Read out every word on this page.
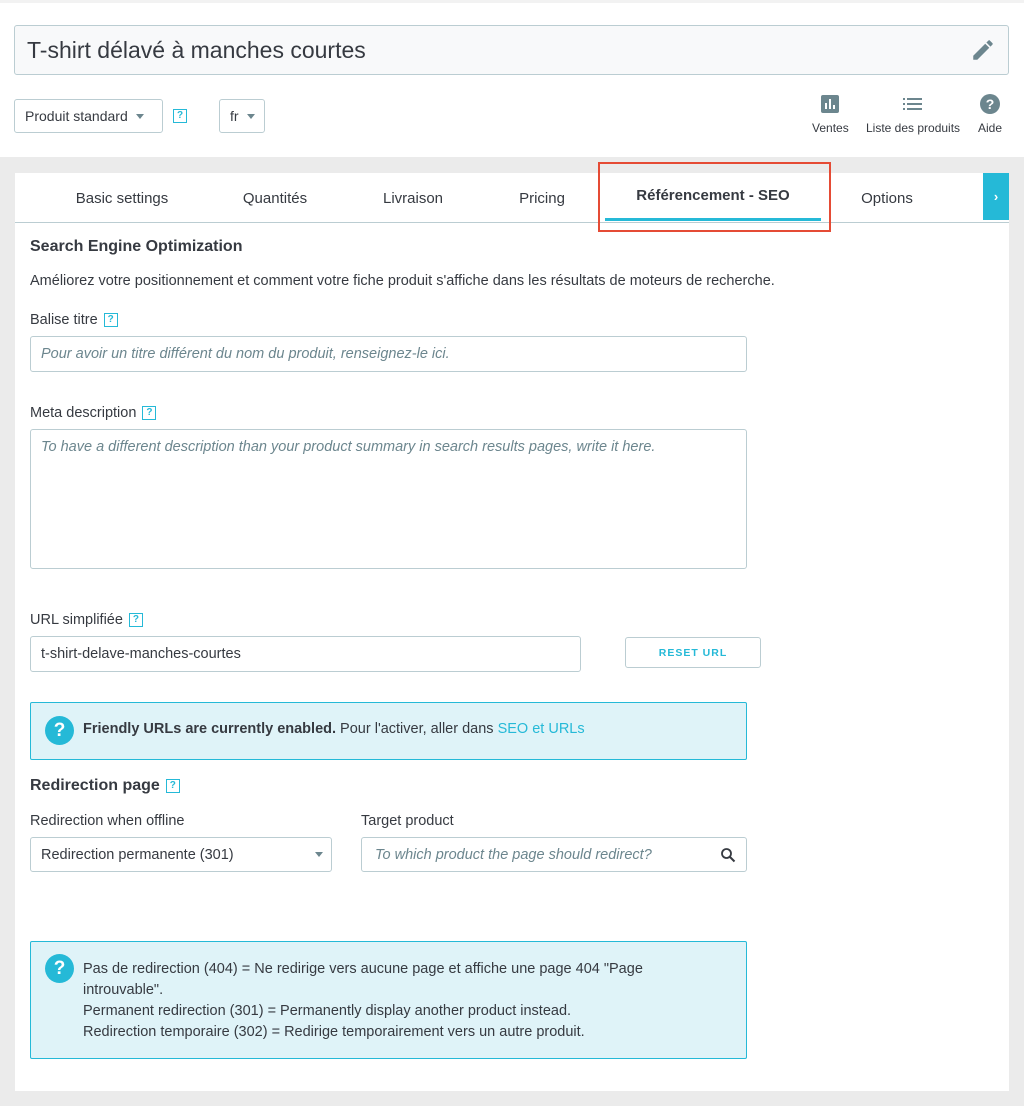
T-shirt délavé à manches courtes
Produit standard	?	fr
Ventes Liste des produits
?
Aide
Basic settings	Quantités	Livraison	Pricing	Référencement - SEO	Options	›
Search Engine Optimization
Améliorez votre positionnement et comment votre fiche produit s'affiche dans les résultats de moteurs de recherche.
Balise titre ?
Pour avoir un titre différent du nom du produit, renseignez-le ici.
Meta description ?
To have a different description than your product summary in search results pages, write it here.
URL simplifiée ?
t-shirt-delave-manches-courtes	RESET URL
?	Friendly URLs are currently enabled. Pour l'activer, aller dans SEO et URLs
Redirection page ?
Redirection when offline
Redirection permanente (301)
Target product
To which product the page should redirect?
?	Pas de redirection (404) = Ne redirige vers aucune page et affiche une page 404 "Page
introuvable".
Permanent redirection (301) = Permanently display another product instead.
Redirection temporaire (302) = Redirige temporairement vers un autre produit.
